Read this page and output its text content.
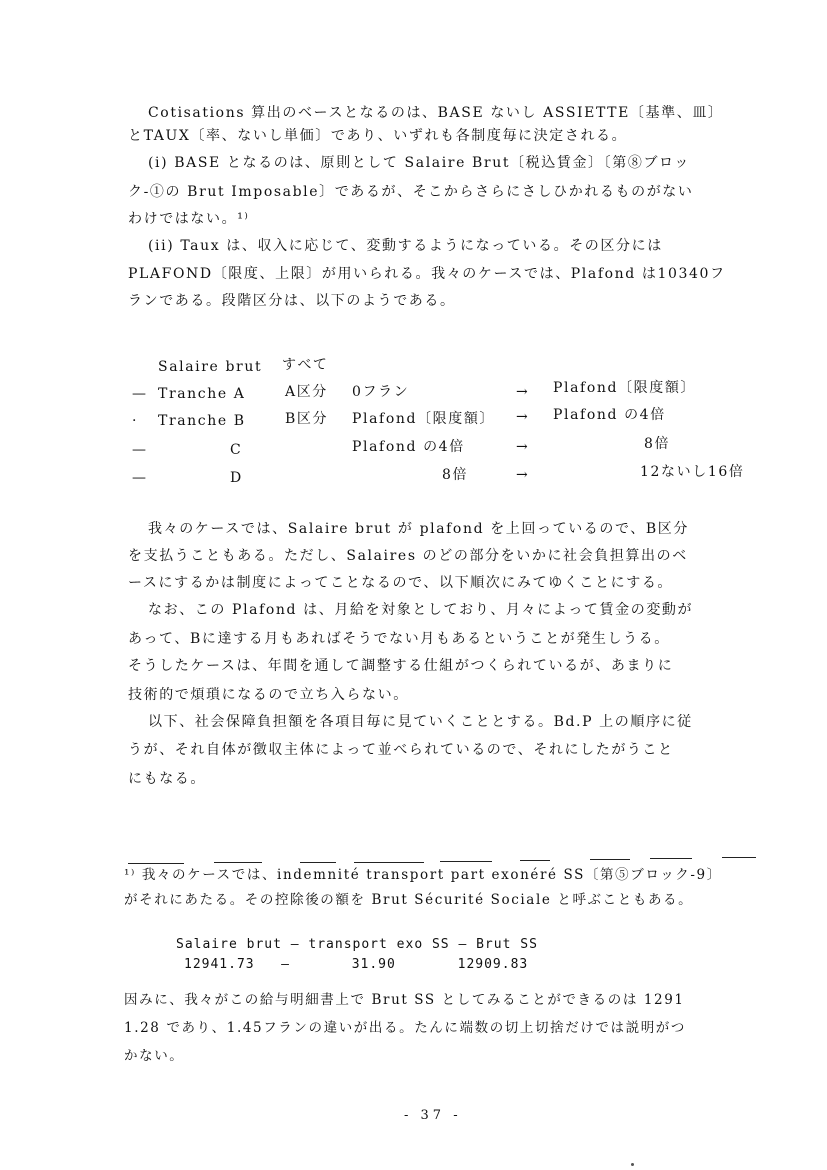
Cotisations 算出のベースとなるのは、BASE ないし ASSIETTE〔基準、皿〕
とTAUX〔率、ないし単価〕であり、いずれも各制度毎に決定される。
(i) BASE となるのは、原則として Salaire Brut〔税込賃金〕〔第⑧ブロッ
ク-①の Brut Imposable〕であるが、そこからさらにさしひかれるものがない
わけではない。¹⁾
(ii) Taux は、収入に応じて、変動するようになっている。その区分には
PLAFOND〔限度、上限〕が用いられる。我々のケースでは、Plafond は10340フ
ランである。段階区分は、以下のようである。
Salaire brut すべて
— Tranche A	A区分 0フラン	→ Plafond〔限度額〕
· Tranche B	B区分 Plafond〔限度額〕 → Plafond の4倍
—	C	Plafond の4倍	→	8倍
—	D	8倍	→	12ないし16倍
我々のケースでは、Salaire brut が plafond を上回っているので、B区分
を支払うこともある。ただし、Salaires のどの部分をいかに社会負担算出のベ
ースにするかは制度によってことなるので、以下順次にみてゆくことにする。
なお、この Plafond は、月給を対象としており、月々によって賃金の変動が
あって、Bに達する月もあればそうでない月もあるということが発生しうる。
そうしたケースは、年間を通して調整する仕組がつくられているが、あまりに
技術的で煩瑣になるので立ち入らない。
以下、社会保障負担額を各項目毎に見ていくこととする。Bd.P 上の順序に従
うが、それ自体が徴収主体によって並べられているので、それにしたがうこと
にもなる。
¹⁾ 我々のケースでは、indemnité transport part exonéré SS〔第⑤ブロック-9〕
がそれにあたる。その控除後の額を Brut Sécurité Sociale と呼ぶこともある。
Salaire brut — transport exo SS — Brut SS
12941.73   —       31.90       12909.83
因みに、我々がこの給与明細書上で Brut SS としてみることができるのは 1291
1.28 であり、1.45フランの違いが出る。たんに端数の切上切捨だけでは説明がつ
かない。
- 37 -
